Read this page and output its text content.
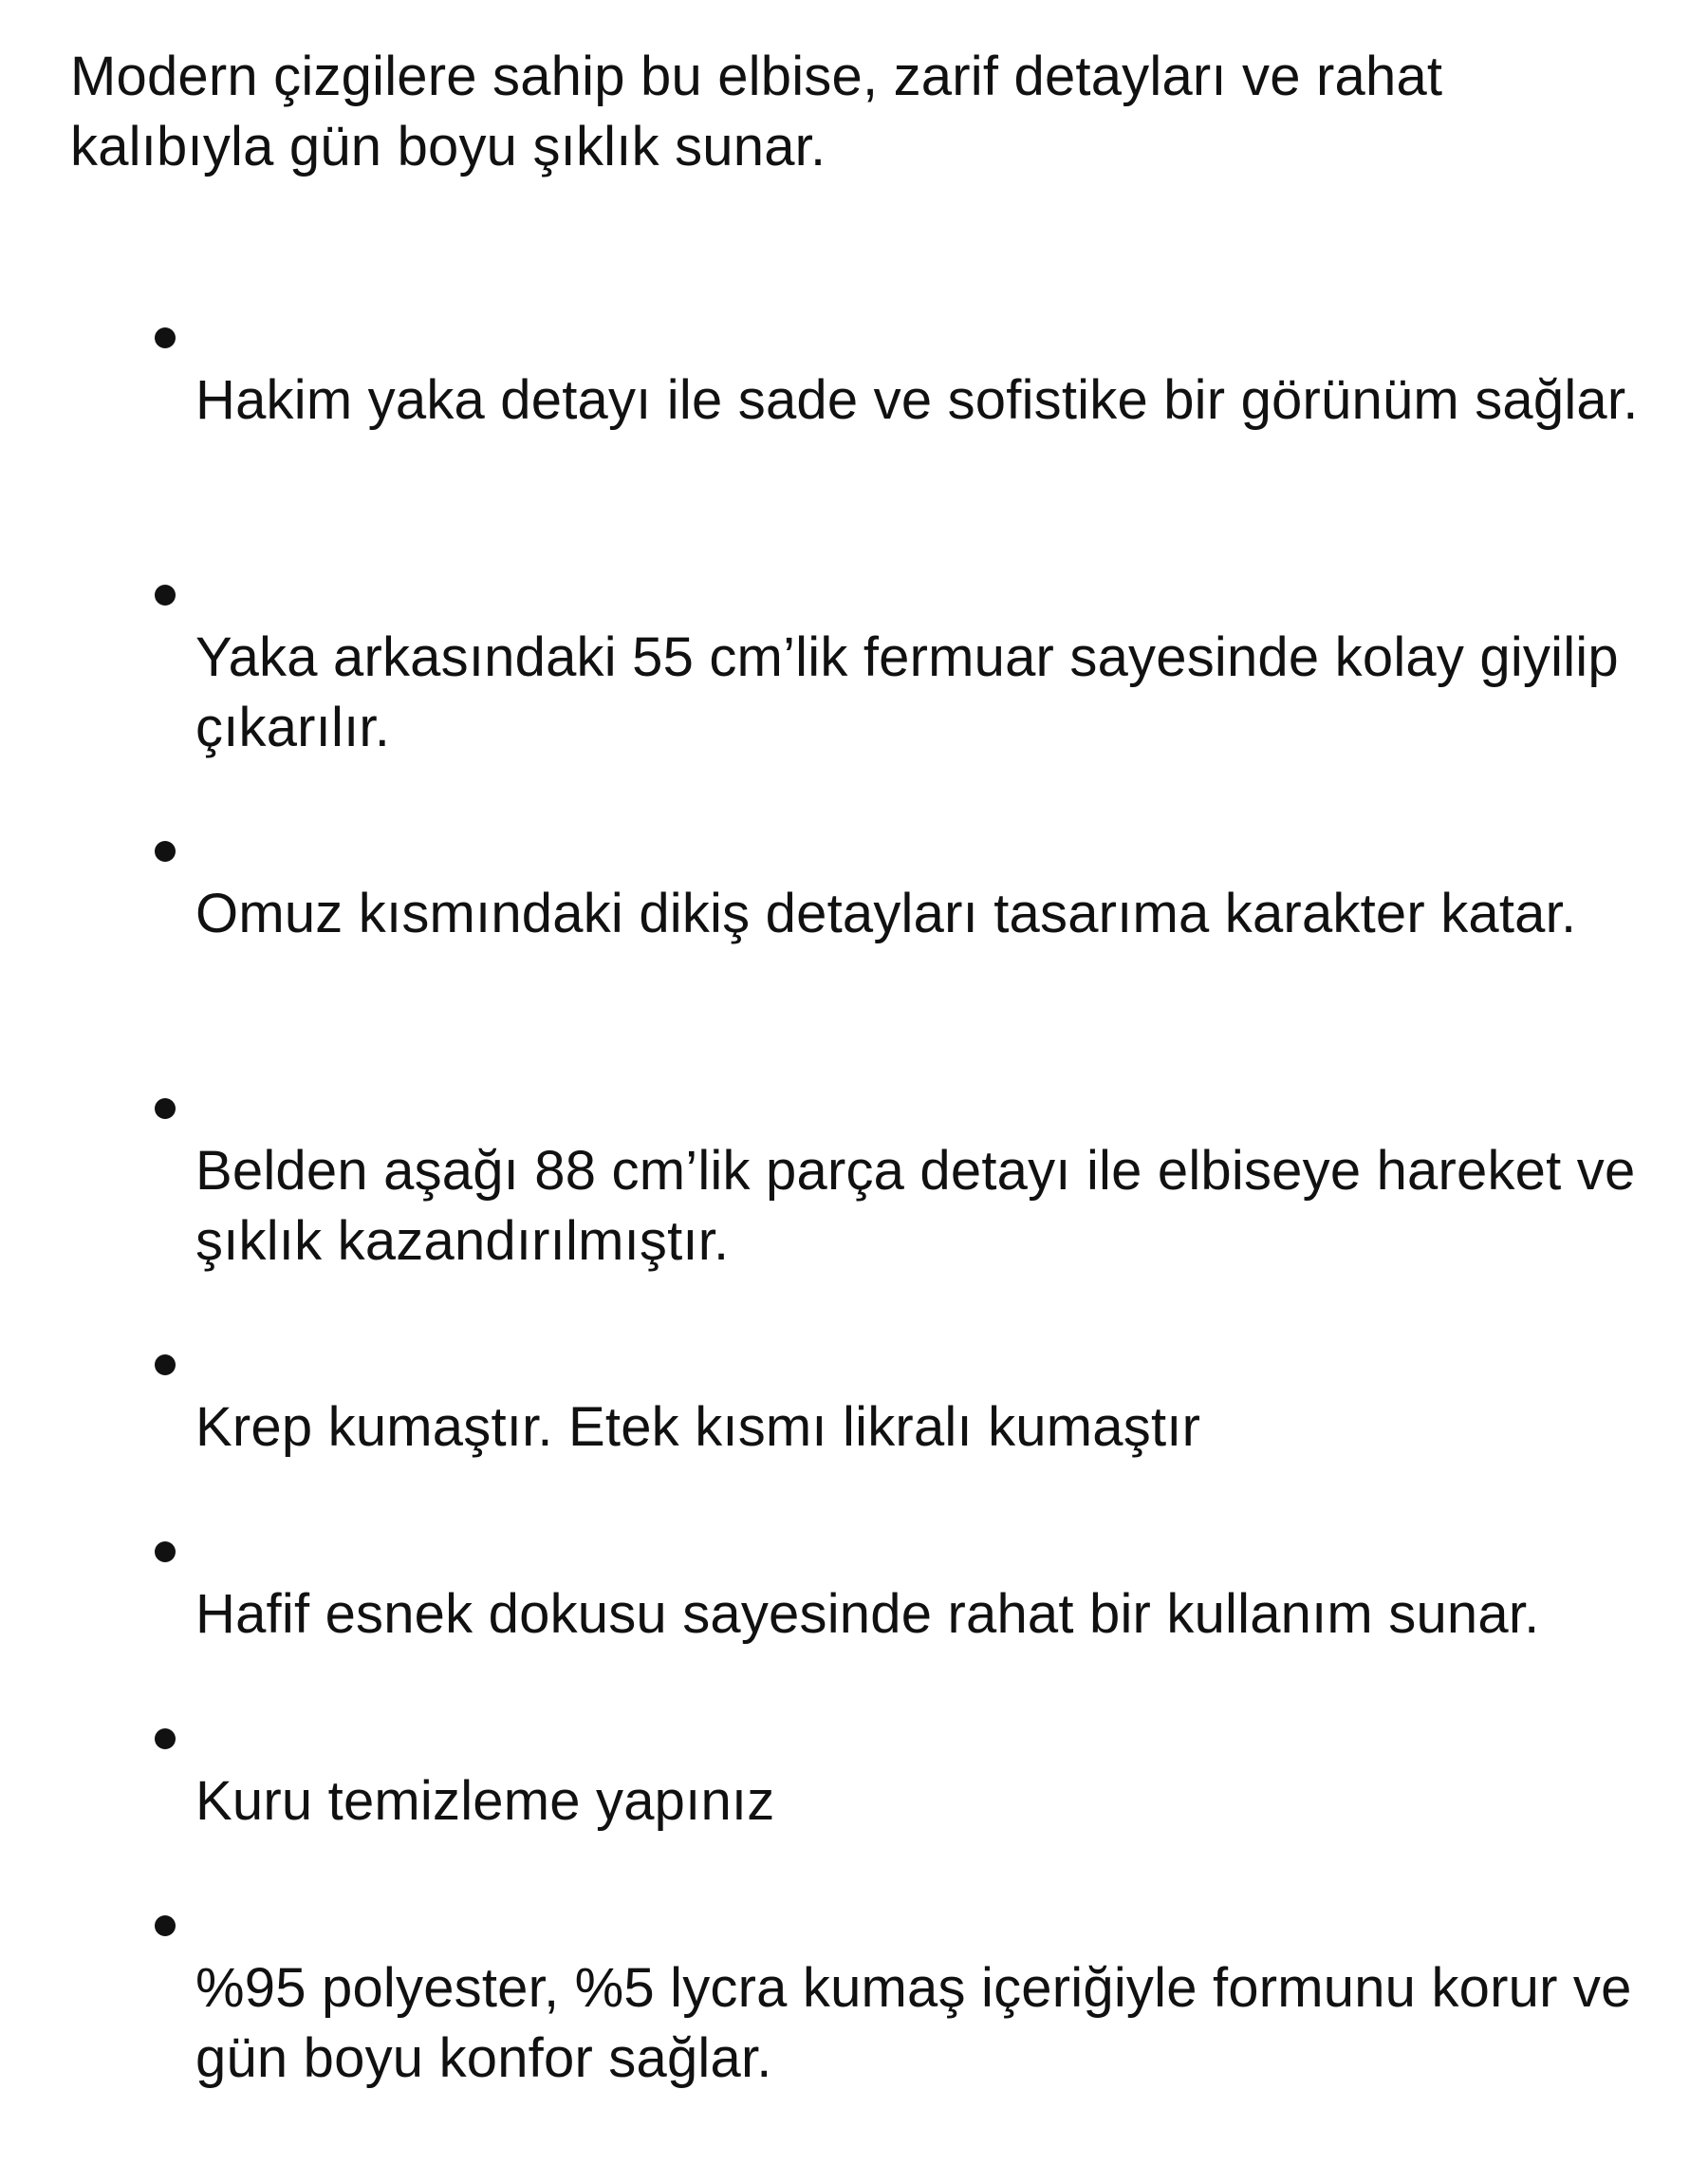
Modern çizgilere sahip bu elbise, zarif detayları ve rahat kalıbıyla gün boyu şıklık sunar.

Hakim yaka detayı ile sade ve sofistike bir görünüm sağlar.

Yaka arkasındaki 55 cm’lik fermuar sayesinde kolay giyilip çıkarılır.

Omuz kısmındaki dikiş detayları tasarıma karakter katar.

Belden aşağı 88 cm’lik parça detayı ile elbiseye hareket ve şıklık kazandırılmıştır.

Krep kumaştır. Etek kısmı likralı kumaştır

Hafif esnek dokusu sayesinde rahat bir kullanım sunar.

Kuru temizleme yapınız

%95 polyester, %5 lycra kumaş içeriğiyle formunu korur ve gün boyu konfor sağlar.
